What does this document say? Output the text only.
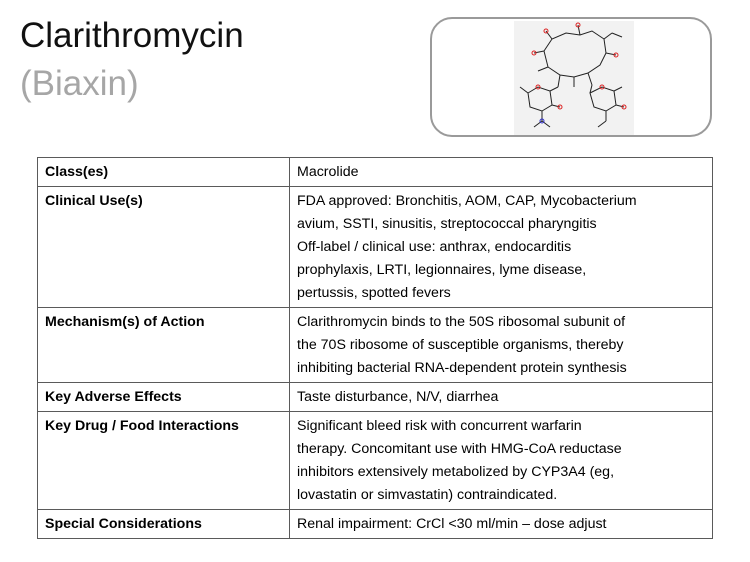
Clarithromycin
(Biaxin)
Class(es)	Macrolide

Clinical Use(s)	FDA approved: Bronchitis, AOM, CAP, Mycobacterium
avium, SSTI, sinusitis, streptococcal pharyngitis
Off-label / clinical use: anthrax, endocarditis
prophylaxis, LRTI, legionnaires, lyme disease,
pertussis, spotted fevers

Mechanism(s) of Action	Clarithromycin binds to the 50S ribosomal subunit of
the 70S ribosome of susceptible organisms, thereby
inhibiting bacterial RNA-dependent protein synthesis

Key Adverse Effects	Taste disturbance, N/V, diarrhea

Key Drug / Food Interactions	Significant bleed risk with concurrent warfarin
therapy. Concomitant use with HMG-CoA reductase
inhibitors extensively metabolized by CYP3A4 (eg,
lovastatin or simvastatin) contraindicated.

Special Considerations	Renal impairment: CrCl <30 ml/min – dose adjust
